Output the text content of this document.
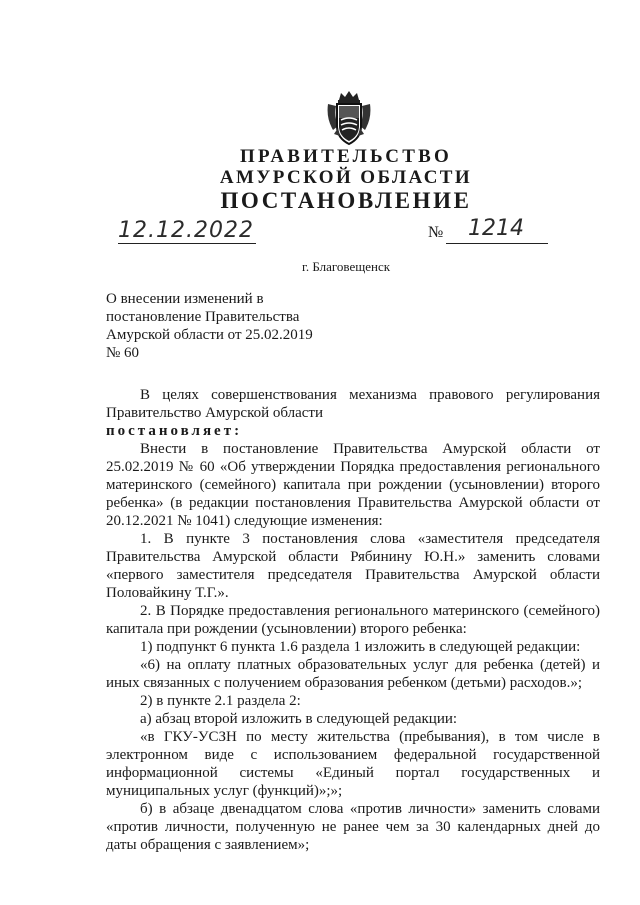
ПРАВИТЕЛЬСТВО
АМУРСКОЙ ОБЛАСТИ
ПОСТАНОВЛЕНИЕ
12.12.2022	№ 1214
г. Благовещенск
О внесении изменений в постановление Правительства Амурской области от 25.02.2019 № 60

В целях совершенствования механизма правового регулирования Правительство Амурской области

постановляет:

Внести в постановление Правительства Амурской области от 25.02.2019 № 60 «Об утверждении Порядка предоставления регионального материнского (семейного) капитала при рождении (усыновлении) второго ребенка» (в редакции постановления Правительства Амурской области от 20.12.2021 № 1041) следующие изменения:

1. В пункте 3 постановления слова «заместителя председателя Правительства Амурской области Рябинину Ю.Н.» заменить словами «первого заместителя председателя Правительства Амурской области Половайкину Т.Г.».

2. В Порядке предоставления регионального материнского (семейного) капитала при рождении (усыновлении) второго ребенка:

1) подпункт 6 пункта 1.6 раздела 1 изложить в следующей редакции:

«6) на оплату платных образовательных услуг для ребенка (детей) и иных связанных с получением образования ребенком (детьми) расходов.»;

2) в пункте 2.1 раздела 2:

а) абзац второй изложить в следующей редакции:

«в ГКУ-УСЗН по месту жительства (пребывания), в том числе в электронном виде с использованием федеральной государственной информационной системы «Единый портал государственных и муниципальных услуг (функций)»;»;

б) в абзаце двенадцатом слова «против личности» заменить словами «против личности, полученную не ранее чем за 30 календарных дней до даты обращения с заявлением»;
